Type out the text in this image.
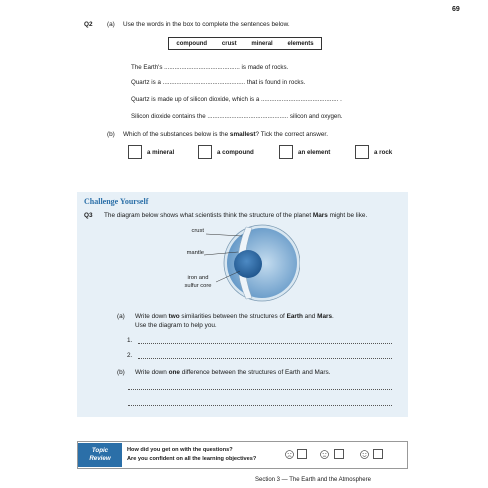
69
Q2 (a) Use the words in the box to complete the sentences below.
compound crust mineral elements
The Earth's ............................................ is made of rocks.
Quartz is a ................................................ that is found in rocks.
Quartz is made up of silicon dioxide, which is a ............................................. .
Silicon dioxide contains the ............................................... silicon and oxygen.
(b) Which of the substances below is the smallest? Tick the correct answer.
a mineral	a compound	an element	a rock
Challenge Yourself
Q3 The diagram below shows what scientists think the structure of the planet Mars might be like.
crust
mantle
iron and
sulfur core
(a) Write down two similarities between the structures of Earth and Mars.
Use the diagram to help you.
1.
2.
(b) Write down one difference between the structures of Earth and Mars.
Topic
Review
How did you get on with the questions?
Are you confident on all the learning objectives?
Section 3 — The Earth and the Atmosphere
